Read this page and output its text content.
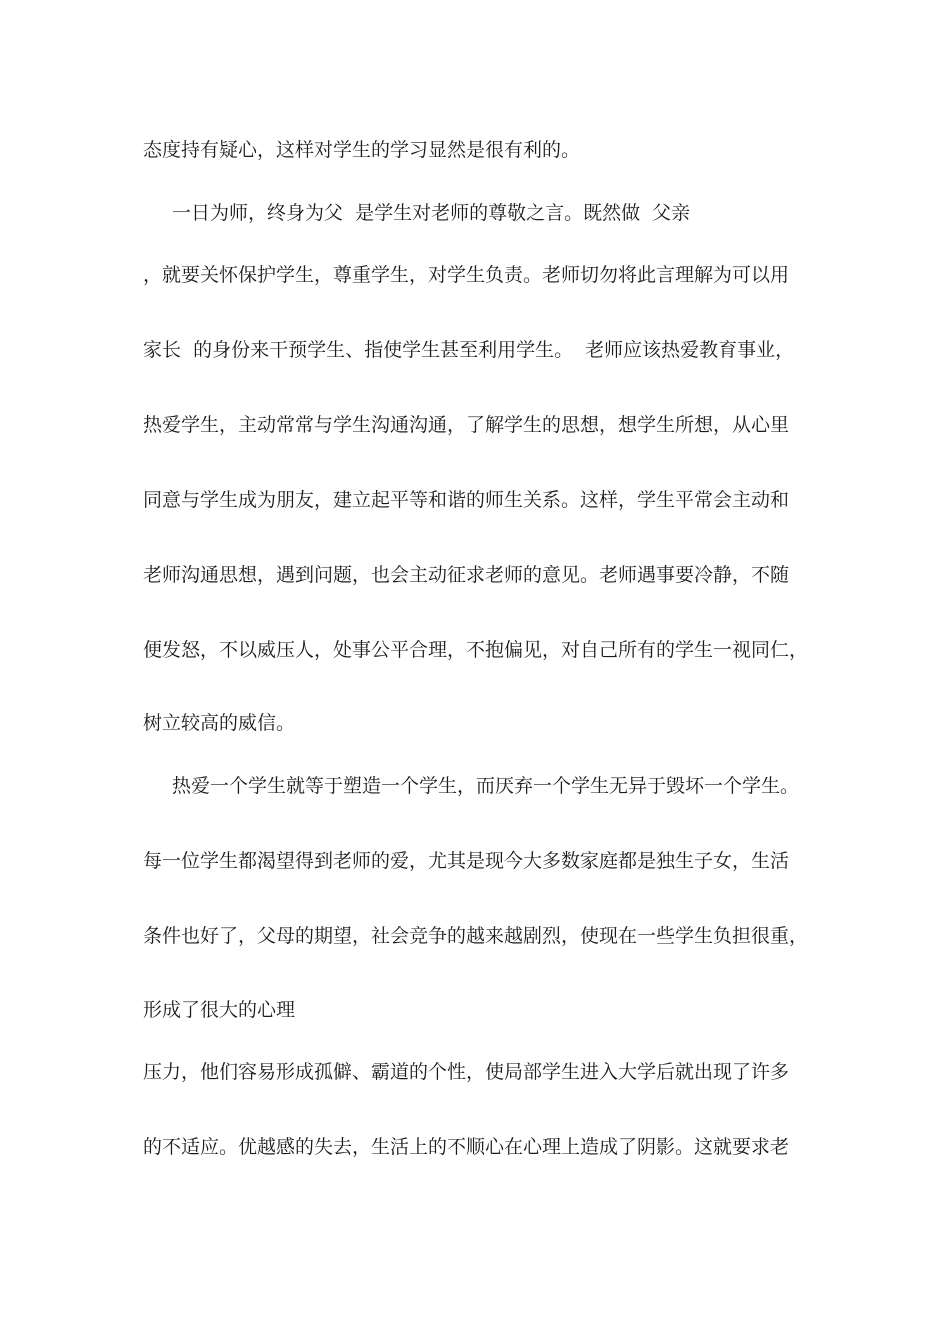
态度持有疑心，这样对学生的学习显然是很有利的。
一日为师，终身为父  是学生对老师的尊敬之言。既然做  父亲
，就要关怀保护学生，尊重学生，对学生负责。老师切勿将此言理解为可以用
家长  的身份来干预学生、指使学生甚至利用学生。  老师应该热爱教育事业，
热爱学生，主动常常与学生沟通沟通，了解学生的思想，想学生所想，从心里
同意与学生成为朋友，建立起平等和谐的师生关系。这样，学生平常会主动和
老师沟通思想，遇到问题，也会主动征求老师的意见。老师遇事要冷静，不随
便发怒，不以威压人，处事公平合理，不抱偏见，对自己所有的学生一视同仁，
树立较高的威信。
热爱一个学生就等于塑造一个学生，而厌弃一个学生无异于毁坏一个学生。
每一位学生都渴望得到老师的爱，尤其是现今大多数家庭都是独生子女，生活
条件也好了，父母的期望，社会竞争的越来越剧烈，使现在一些学生负担很重，
形成了很大的心理
压力，他们容易形成孤僻、霸道的个性，使局部学生进入大学后就出现了许多
的不适应。优越感的失去，生活上的不顺心在心理上造成了阴影。这就要求老
